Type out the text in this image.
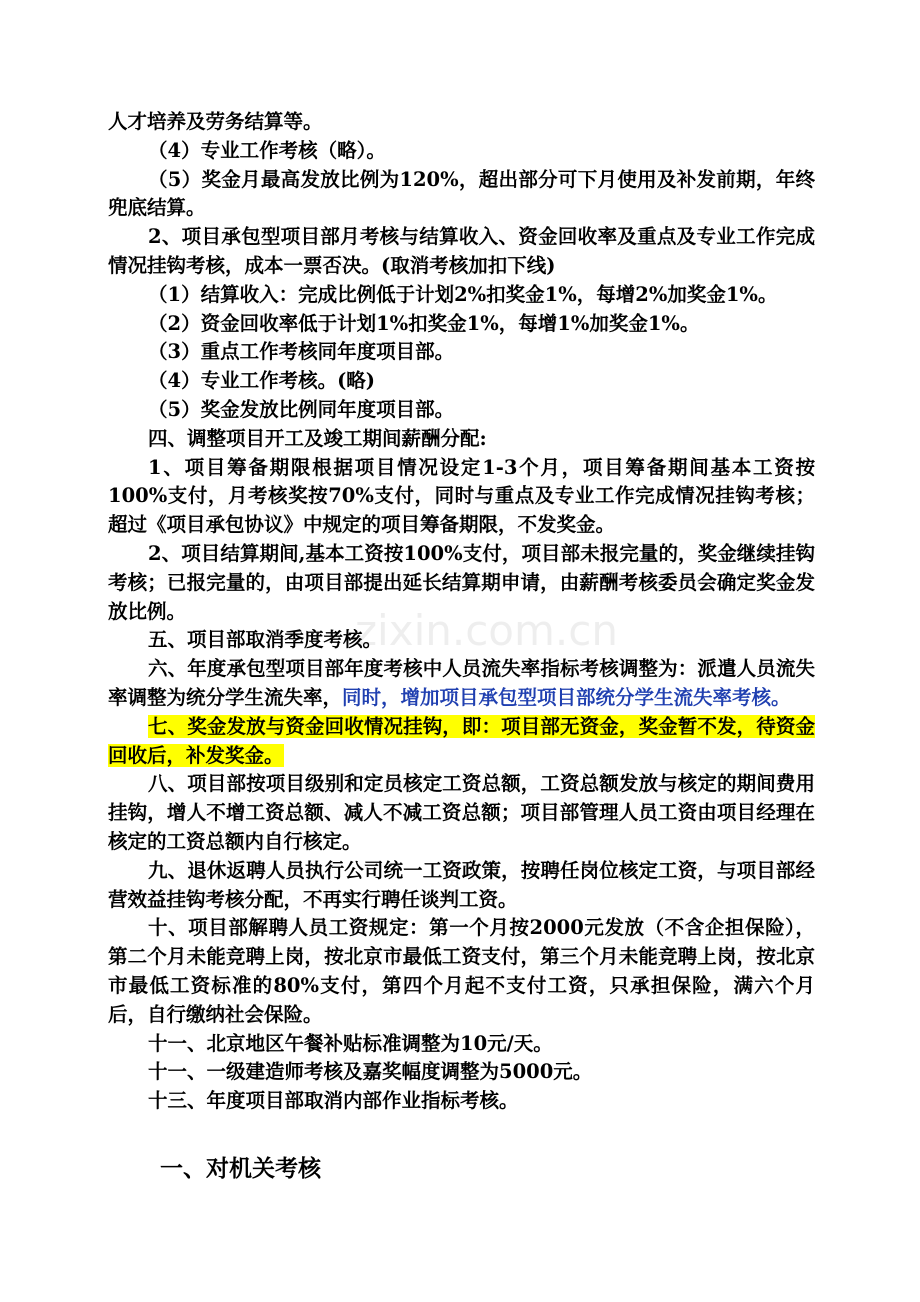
zixin.com.cn

人才培养及劳务结算等。

（4）专业工作考核（略）。

（5）奖金月最高发放比例为120%，超出部分可下月使用及补发前期，年终兜底结算。

2、项目承包型项目部月考核与结算收入、资金回收率及重点及专业工作完成情况挂钩考核，成本一票否决。(取消考核加扣下线)

（1）结算收入：完成比例低于计划2%扣奖金1%，每增2%加奖金1%。

（2）资金回收率低于计划1%扣奖金1%，每增1%加奖金1%。

（3）重点工作考核同年度项目部。

（4）专业工作考核。(略)

（5）奖金发放比例同年度项目部。

四、调整项目开工及竣工期间薪酬分配:

1、项目筹备期限根据项目情况设定1-3个月，项目筹备期间基本工资按100%支付，月考核奖按70%支付，同时与重点及专业工作完成情况挂钩考核；超过《项目承包协议》中规定的项目筹备期限，不发奖金。

2、项目结算期间,基本工资按100%支付，项目部未报完量的，奖金继续挂钩考核；已报完量的，由项目部提出延长结算期申请，由薪酬考核委员会确定奖金发放比例。

五、项目部取消季度考核。

六、年度承包型项目部年度考核中人员流失率指标考核调整为：派遣人员流失率调整为统分学生流失率，同时，增加项目承包型项目部统分学生流失率考核。

七、奖金发放与资金回收情况挂钩，即：项目部无资金，奖金暂不发，待资金回收后，补发奖金。

八、项目部按项目级别和定员核定工资总额，工资总额发放与核定的期间费用挂钩，增人不增工资总额、减人不减工资总额；项目部管理人员工资由项目经理在核定的工资总额内自行核定。

九、退休返聘人员执行公司统一工资政策，按聘任岗位核定工资，与项目部经营效益挂钩考核分配，不再实行聘任谈判工资。

十、项目部解聘人员工资规定：第一个月按2000元发放（不含企担保险），第二个月未能竞聘上岗，按北京市最低工资支付，第三个月未能竞聘上岗，按北京市最低工资标准的80%支付，第四个月起不支付工资，只承担保险，满六个月后，自行缴纳社会保险。

十一、北京地区午餐补贴标准调整为10元/天。

十一、一级建造师考核及嘉奖幅度调整为5000元。

十三、年度项目部取消内部作业指标考核。

一、对机关考核
